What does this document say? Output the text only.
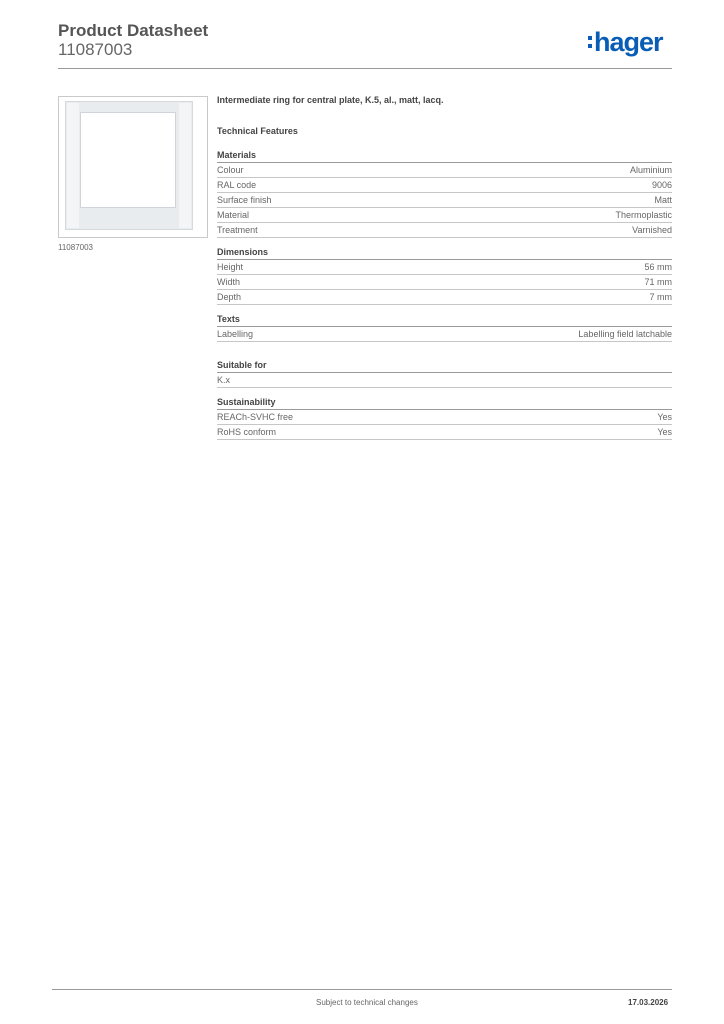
Product Datasheet
11087003	hager
11087003
Intermediate ring for central plate, K.5, al., matt, lacq.
Technical Features
Materials
Colour	Aluminium
RAL code	9006
Surface finish	Matt
Material	Thermoplastic
Treatment	Varnished
Dimensions
Height	56 mm
Width	71 mm
Depth	7 mm
Texts
Labelling	Labelling field latchable
Suitable for
K.x
Sustainability
REACh-SVHC free	Yes
RoHS conform	Yes
Subject to technical changes	17.03.2026
